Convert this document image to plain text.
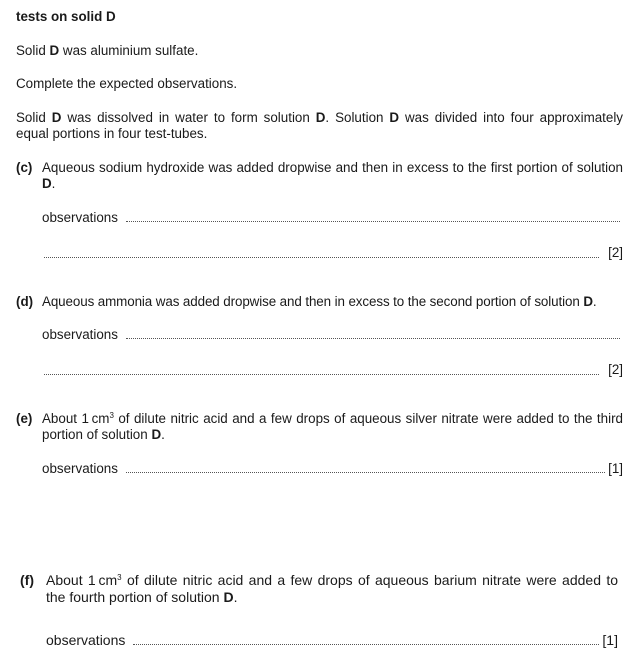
tests on solid D
Solid D was aluminium sulfate.
Complete the expected observations.
Solid D was dissolved in water to form solution D. Solution D was divided into four approximately equal portions in four test-tubes.
(c) Aqueous sodium hydroxide was added dropwise and then in excess to the first portion of solution D.
observations
[2]
(d) Aqueous ammonia was added dropwise and then in excess to the second portion of solution D.
observations
[2]
(e) About 1 $cm^3$ of dilute nitric acid and a few drops of aqueous silver nitrate were added to the third portion of solution D.
observations	[1]
(f) About 1 $cm^3$ of dilute nitric acid and a few drops of aqueous barium nitrate were added to the fourth portion of solution D.
observations	[1]
